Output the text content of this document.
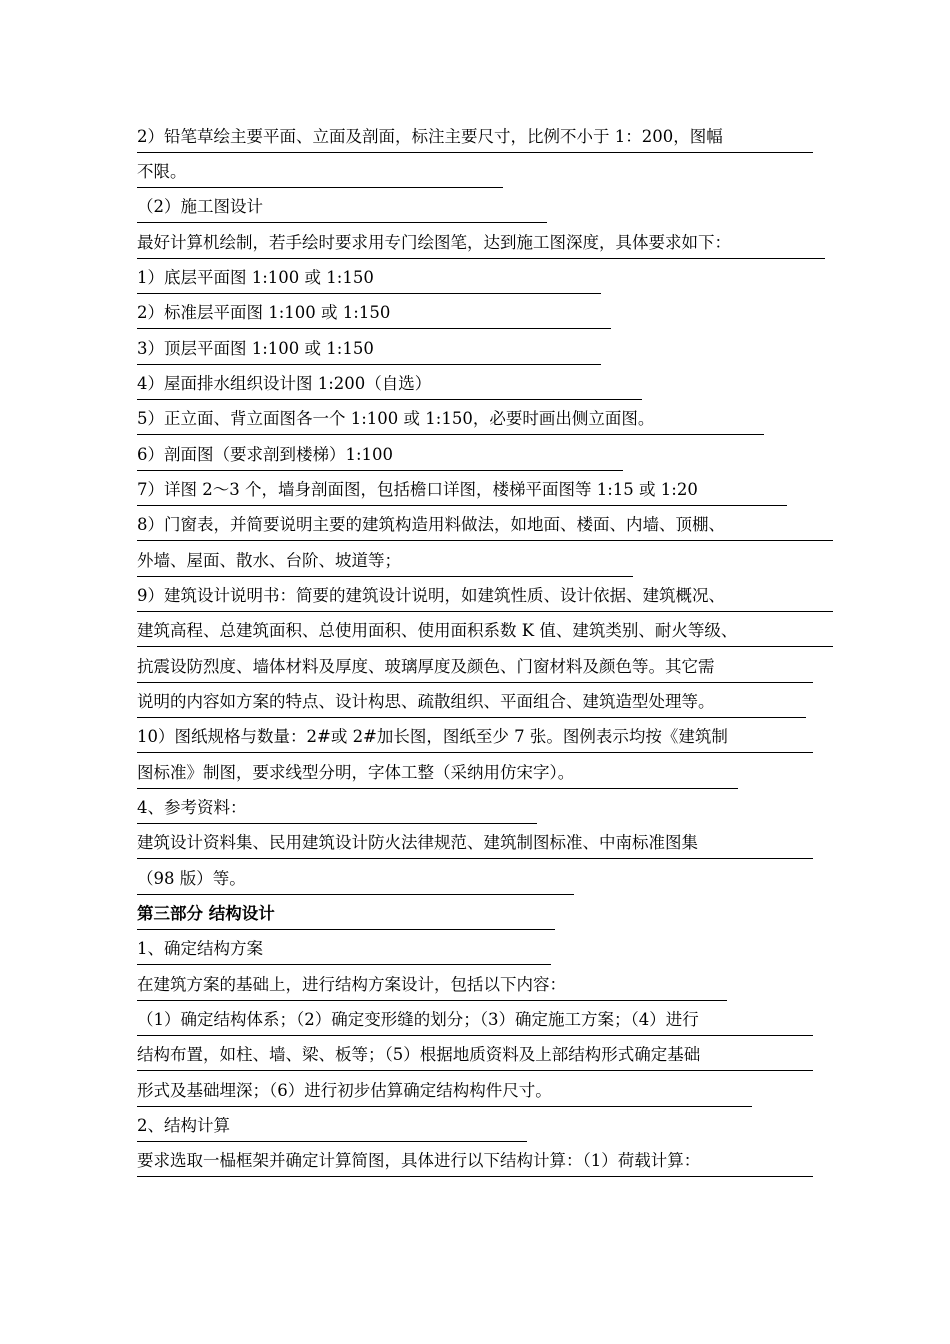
2）铅笔草绘主要平面、立面及剖面，标注主要尺寸，比例不小于 1：200，图幅
不限。
（2）施工图设计
最好计算机绘制，若手绘时要求用专门绘图笔，达到施工图深度，具体要求如下：
1）底层平面图 1:100 或 1:150
2）标准层平面图 1:100 或 1:150
3）顶层平面图 1:100 或 1:150
4）屋面排水组织设计图 1:200（自选）
5）正立面、背立面图各一个 1:100 或 1:150，必要时画出侧立面图。
6）剖面图（要求剖到楼梯）1:100
7）详图 2～3 个，墙身剖面图，包括檐口详图，楼梯平面图等 1:15 或 1:20
8）门窗表，并简要说明主要的建筑构造用料做法，如地面、楼面、内墙、顶棚、
外墙、屋面、散水、台阶、坡道等；
9）建筑设计说明书：简要的建筑设计说明，如建筑性质、设计依据、建筑概况、
建筑高程、总建筑面积、总使用面积、使用面积系数 K 值、建筑类别、耐火等级、
抗震设防烈度、墙体材料及厚度、玻璃厚度及颜色、门窗材料及颜色等。其它需
说明的内容如方案的特点、设计构思、疏散组织、平面组合、建筑造型处理等。
10）图纸规格与数量：2#或 2#加长图，图纸至少 7 张。图例表示均按《建筑制
图标准》制图，要求线型分明，字体工整（采纳用仿宋字）。
4、参考资料：
建筑设计资料集、民用建筑设计防火法律规范、建筑制图标准、中南标准图集
（98 版）等。
第三部分 结构设计
1、确定结构方案
在建筑方案的基础上，进行结构方案设计，包括以下内容：
（1）确定结构体系；（2）确定变形缝的划分；（3）确定施工方案；（4）进行
结构布置，如柱、墙、梁、板等；（5）根据地质资料及上部结构形式确定基础
形式及基础埋深；（6）进行初步估算确定结构构件尺寸。
2、结构计算
要求选取一榀框架并确定计算简图，具体进行以下结构计算：（1）荷载计算：
